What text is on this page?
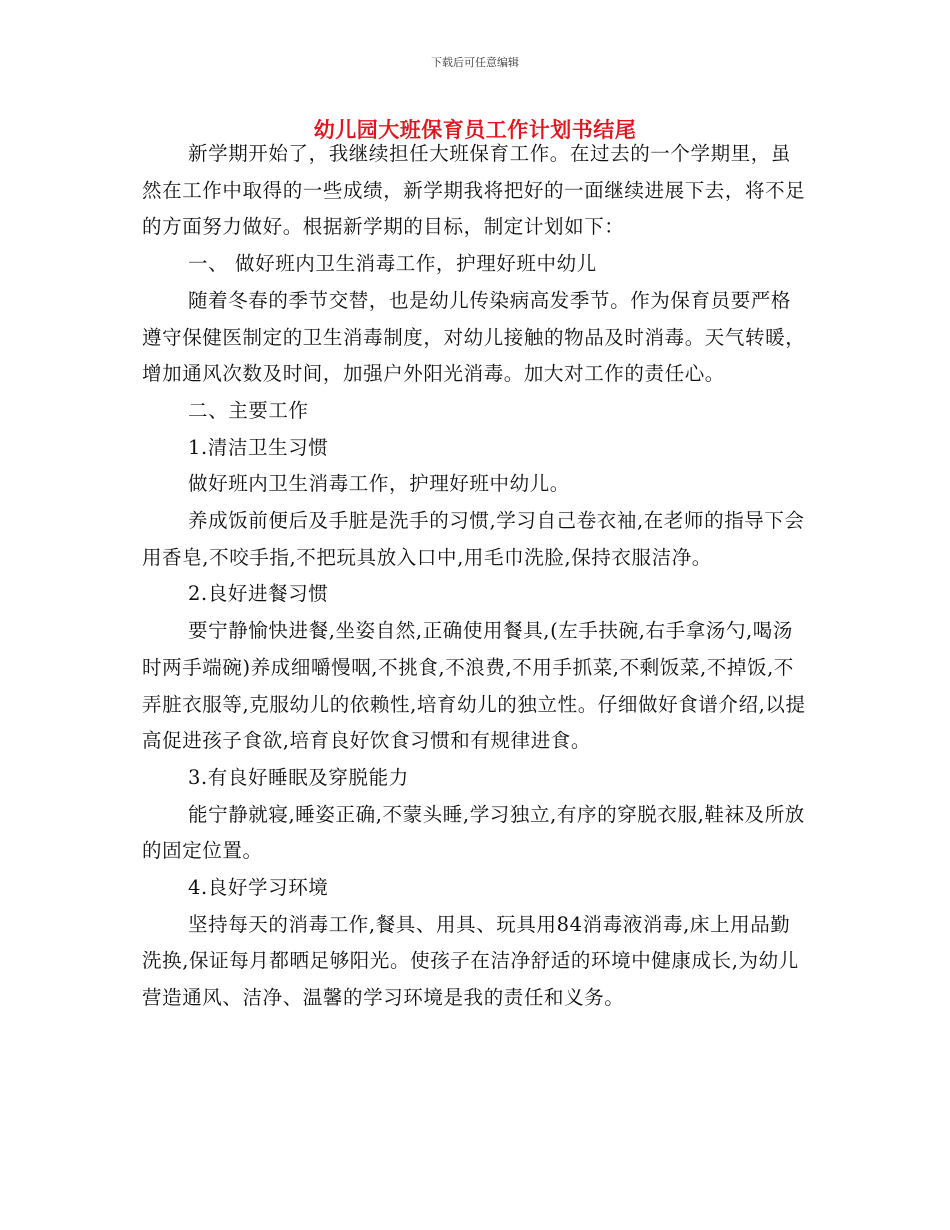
下载后可任意编辑
幼儿园大班保育员工作计划书结尾

新学期开始了，我继续担任大班保育工作。在过去的一个学期里，虽然在工作中取得的一些成绩，新学期我将把好的一面继续进展下去，将不足的方面努力做好。根据新学期的目标，制定计划如下：

一、 做好班内卫生消毒工作，护理好班中幼儿

随着冬春的季节交替，也是幼儿传染病高发季节。作为保育员要严格遵守保健医制定的卫生消毒制度，对幼儿接触的物品及时消毒。天气转暖，增加通风次数及时间，加强户外阳光消毒。加大对工作的责任心。

二、主要工作

1.清洁卫生习惯

做好班内卫生消毒工作，护理好班中幼儿。

养成饭前便后及手脏是洗手的习惯,学习自己卷衣袖,在老师的指导下会用香皂,不咬手指,不把玩具放入口中,用毛巾洗脸,保持衣服洁净。

2.良好进餐习惯

要宁静愉快进餐,坐姿自然,正确使用餐具,(左手扶碗,右手拿汤勺,喝汤时两手端碗)养成细嚼慢咽,不挑食,不浪费,不用手抓菜,不剩饭菜,不掉饭,不弄脏衣服等,克服幼儿的依赖性,培育幼儿的独立性。仔细做好食谱介绍,以提高促进孩子食欲,培育良好饮食习惯和有规律进食。

3.有良好睡眠及穿脱能力

能宁静就寝,睡姿正确,不蒙头睡,学习独立,有序的穿脱衣服,鞋袜及所放的固定位置。

4.良好学习环境

坚持每天的消毒工作,餐具、用具、玩具用84消毒液消毒,床上用品勤洗换,保证每月都晒足够阳光。使孩子在洁净舒适的环境中健康成长,为幼儿营造通风、洁净、温馨的学习环境是我的责任和义务。
